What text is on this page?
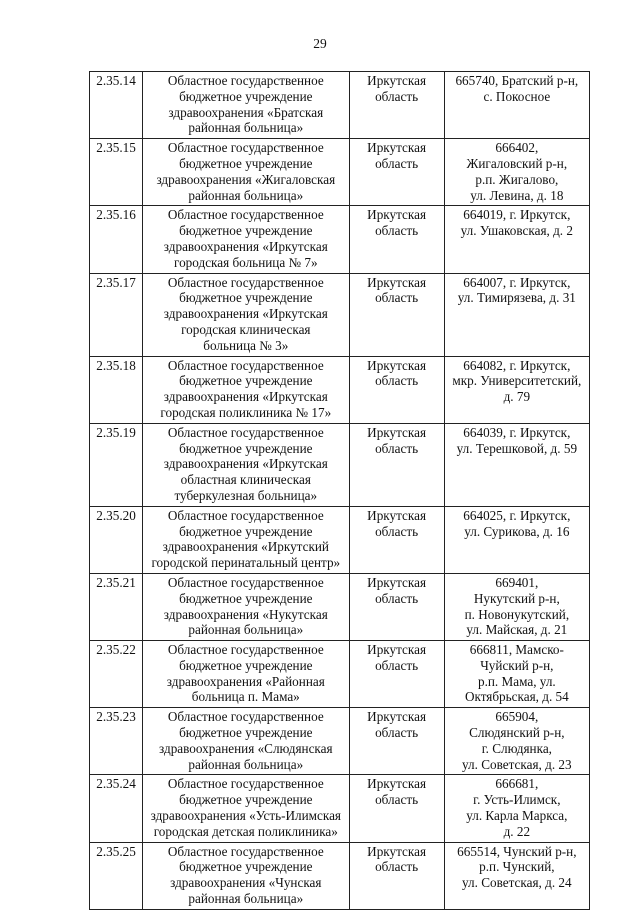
29
2.35.14	Областное государственное
бюджетное учреждение
здравоохранения «Братская
районная больница»	Иркутская
область	665740, Братский р-н,
с. Покосное

2.35.15	Областное государственное
бюджетное учреждение
здравоохранения «Жигаловская
районная больница»	Иркутская
область	666402,
Жигаловский р-н,
р.п. Жигалово,
ул. Левина, д. 18

2.35.16	Областное государственное
бюджетное учреждение
здравоохранения «Иркутская
городская больница № 7»	Иркутская
область	664019, г. Иркутск,
ул. Ушаковская, д. 2

2.35.17	Областное государственное
бюджетное учреждение
здравоохранения «Иркутская
городская клиническая
больница № 3»	Иркутская
область	664007, г. Иркутск,
ул. Тимирязева, д. 31

2.35.18	Областное государственное
бюджетное учреждение
здравоохранения «Иркутская
городская поликлиника № 17»	Иркутская
область	664082, г. Иркутск,
мкр. Университетский,
д. 79

2.35.19	Областное государственное
бюджетное учреждение
здравоохранения «Иркутская
областная клиническая
туберкулезная больница»	Иркутская
область	664039, г. Иркутск,
ул. Терешковой, д. 59

2.35.20	Областное государственное
бюджетное учреждение
здравоохранения «Иркутский
городской перинатальный центр»	Иркутская
область	664025, г. Иркутск,
ул. Сурикова, д. 16

2.35.21	Областное государственное
бюджетное учреждение
здравоохранения «Нукутская
районная больница»	Иркутская
область	669401,
Нукутский р-н,
п. Новонукутский,
ул. Майская, д. 21

2.35.22	Областное государственное
бюджетное учреждение
здравоохранения «Районная
больница п. Мама»	Иркутская
область	666811, Мамско-
Чуйский р-н,
р.п. Мама, ул.
Октябрьская, д. 54

2.35.23	Областное государственное
бюджетное учреждение
здравоохранения «Слюдянская
районная больница»	Иркутская
область	665904,
Слюдянский р-н,
г. Слюдянка,
ул. Советская, д. 23

2.35.24	Областное государственное
бюджетное учреждение
здравоохранения «Усть-Илимская
городская детская поликлиника»	Иркутская
область	666681,
г. Усть-Илимск,
ул. Карла Маркса,
д. 22

2.35.25	Областное государственное
бюджетное учреждение
здравоохранения «Чунская
районная больница»	Иркутская
область	665514, Чунский р-н,
р.п. Чунский,
ул. Советская, д. 24
